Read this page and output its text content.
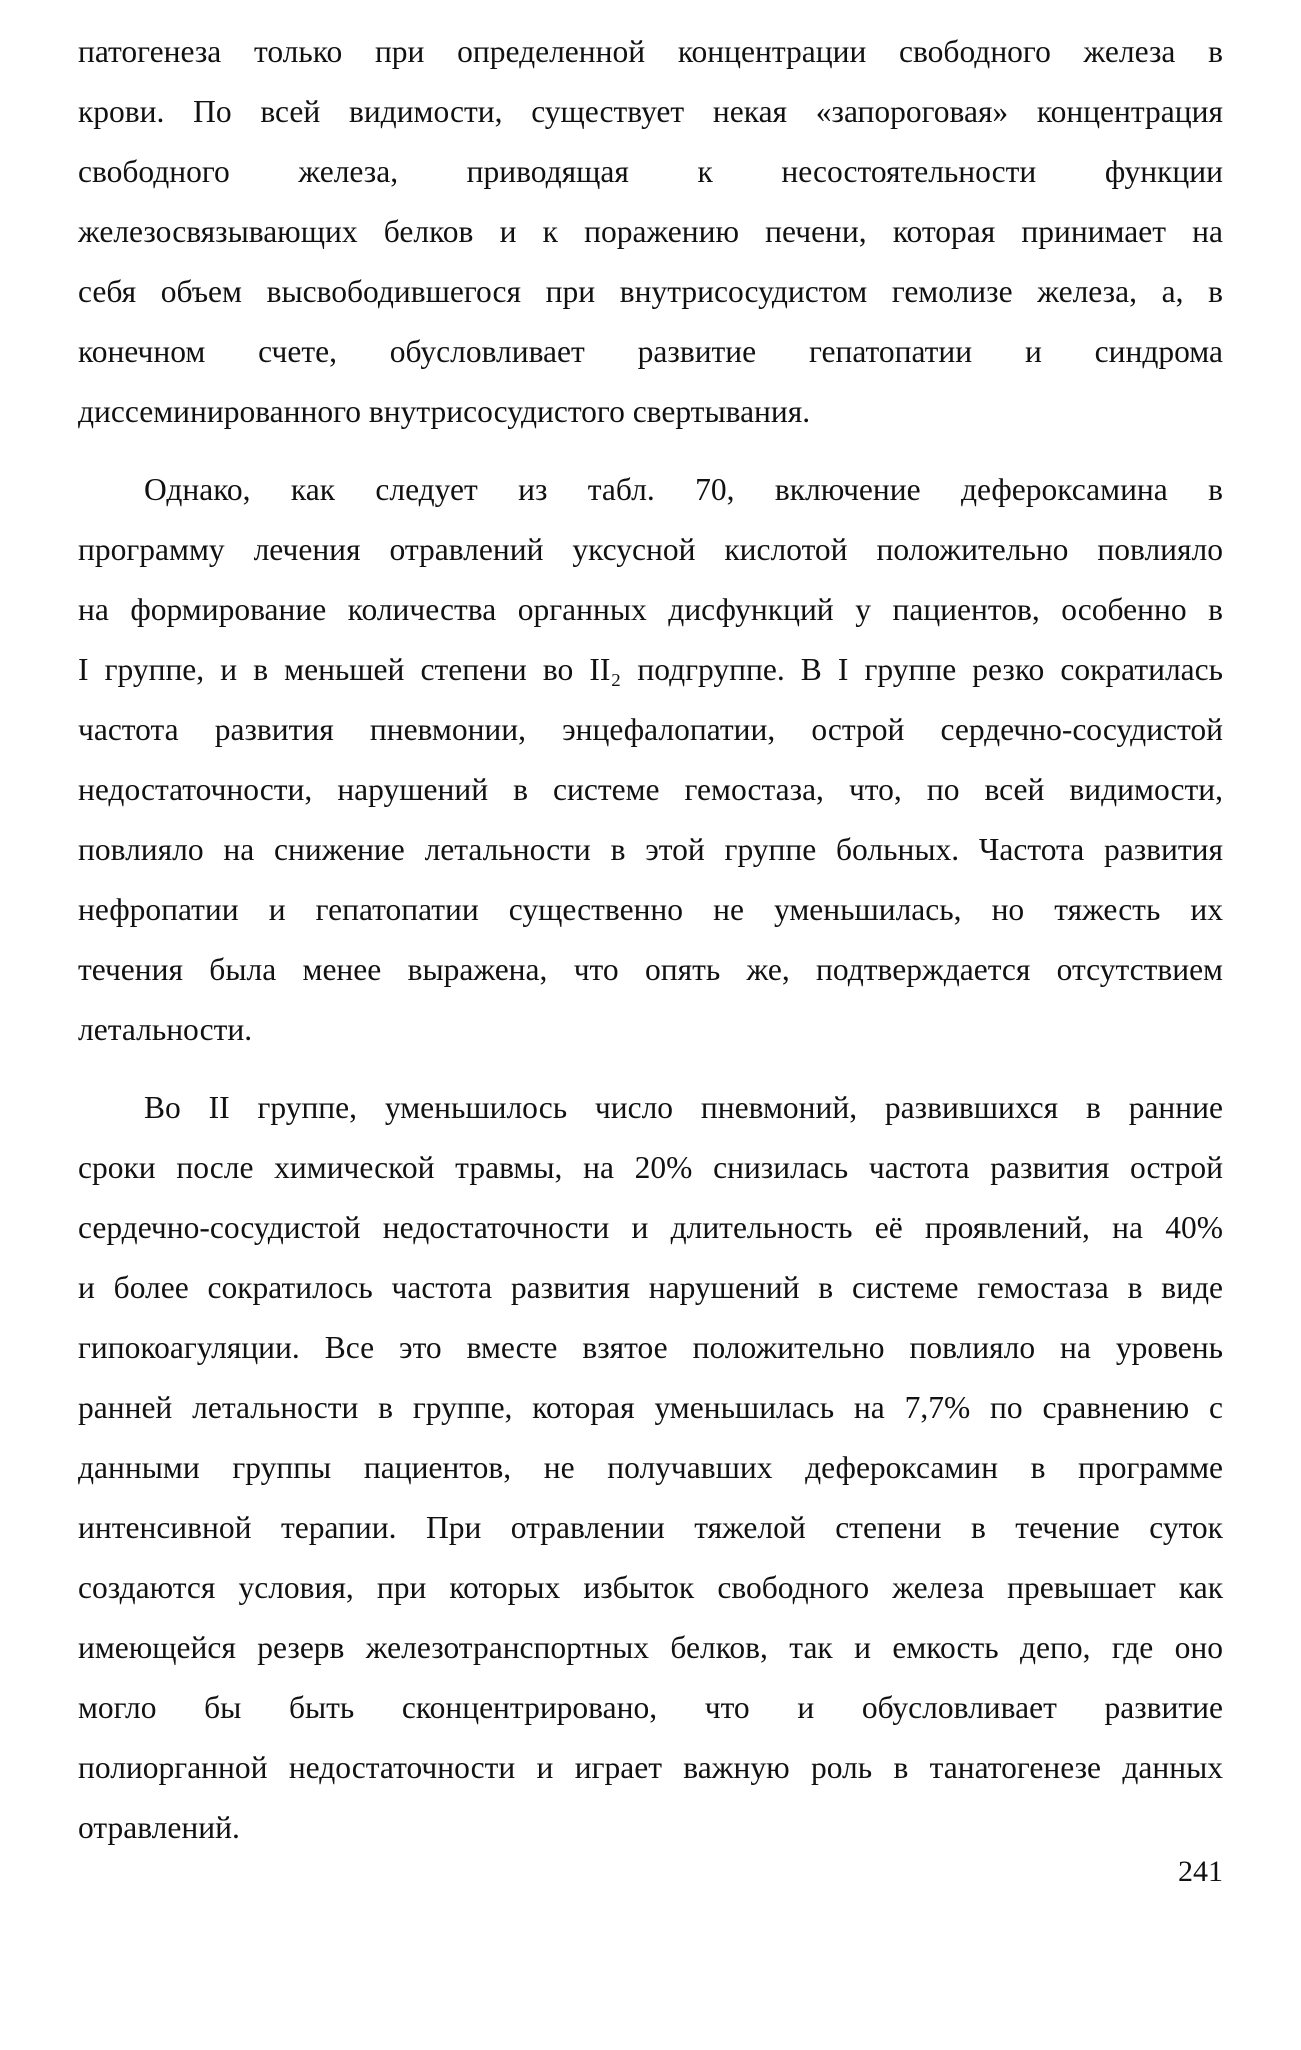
патогенеза только при определенной концентрации свободного железа в
крови. По всей видимости, существует некая «запороговая» концентрация
свободного железа, приводящая к несостоятельности функции
железосвязывающих белков и к поражению печени, которая принимает на
себя объем высвободившегося при внутрисосудистом гемолизе железа, а, в
конечном счете, обусловливает развитие гепатопатии и синдрома
диссеминированного внутрисосудистого свертывания.
Однако, как следует из табл. 70, включение дефероксамина в
программу лечения отравлений уксусной кислотой положительно повлияло
на формирование количества органных дисфункций у пациентов, особенно в
I группе, и в меньшей степени во II₂ подгруппе. В I группе резко сократилась
частота развития пневмонии, энцефалопатии, острой сердечно-сосудистой
недостаточности, нарушений в системе гемостаза, что, по всей видимости,
повлияло на снижение летальности в этой группе больных. Частота развития
нефропатии и гепатопатии существенно не уменьшилась, но тяжесть их
течения была менее выражена, что опять же, подтверждается отсутствием
летальности.
Во II группе, уменьшилось число пневмоний, развившихся в ранние
сроки после химической травмы, на 20% снизилась частота развития острой
сердечно-сосудистой недостаточности и длительность её проявлений, на 40%
и более сократилось частота развития нарушений в системе гемостаза в виде
гипокоагуляции. Все это вместе взятое положительно повлияло на уровень
ранней летальности в группе, которая уменьшилась на 7,7% по сравнению с
данными группы пациентов, не получавших дефероксамин в программе
интенсивной терапии. При отравлении тяжелой степени в течение суток
создаются условия, при которых избыток свободного железа превышает как
имеющейся резерв железотранспортных белков, так и емкость депо, где оно
могло бы быть сконцентрировано, что и обусловливает развитие
полиорганной недостаточности и играет важную роль в танатогенезе данных
отравлений.
241
